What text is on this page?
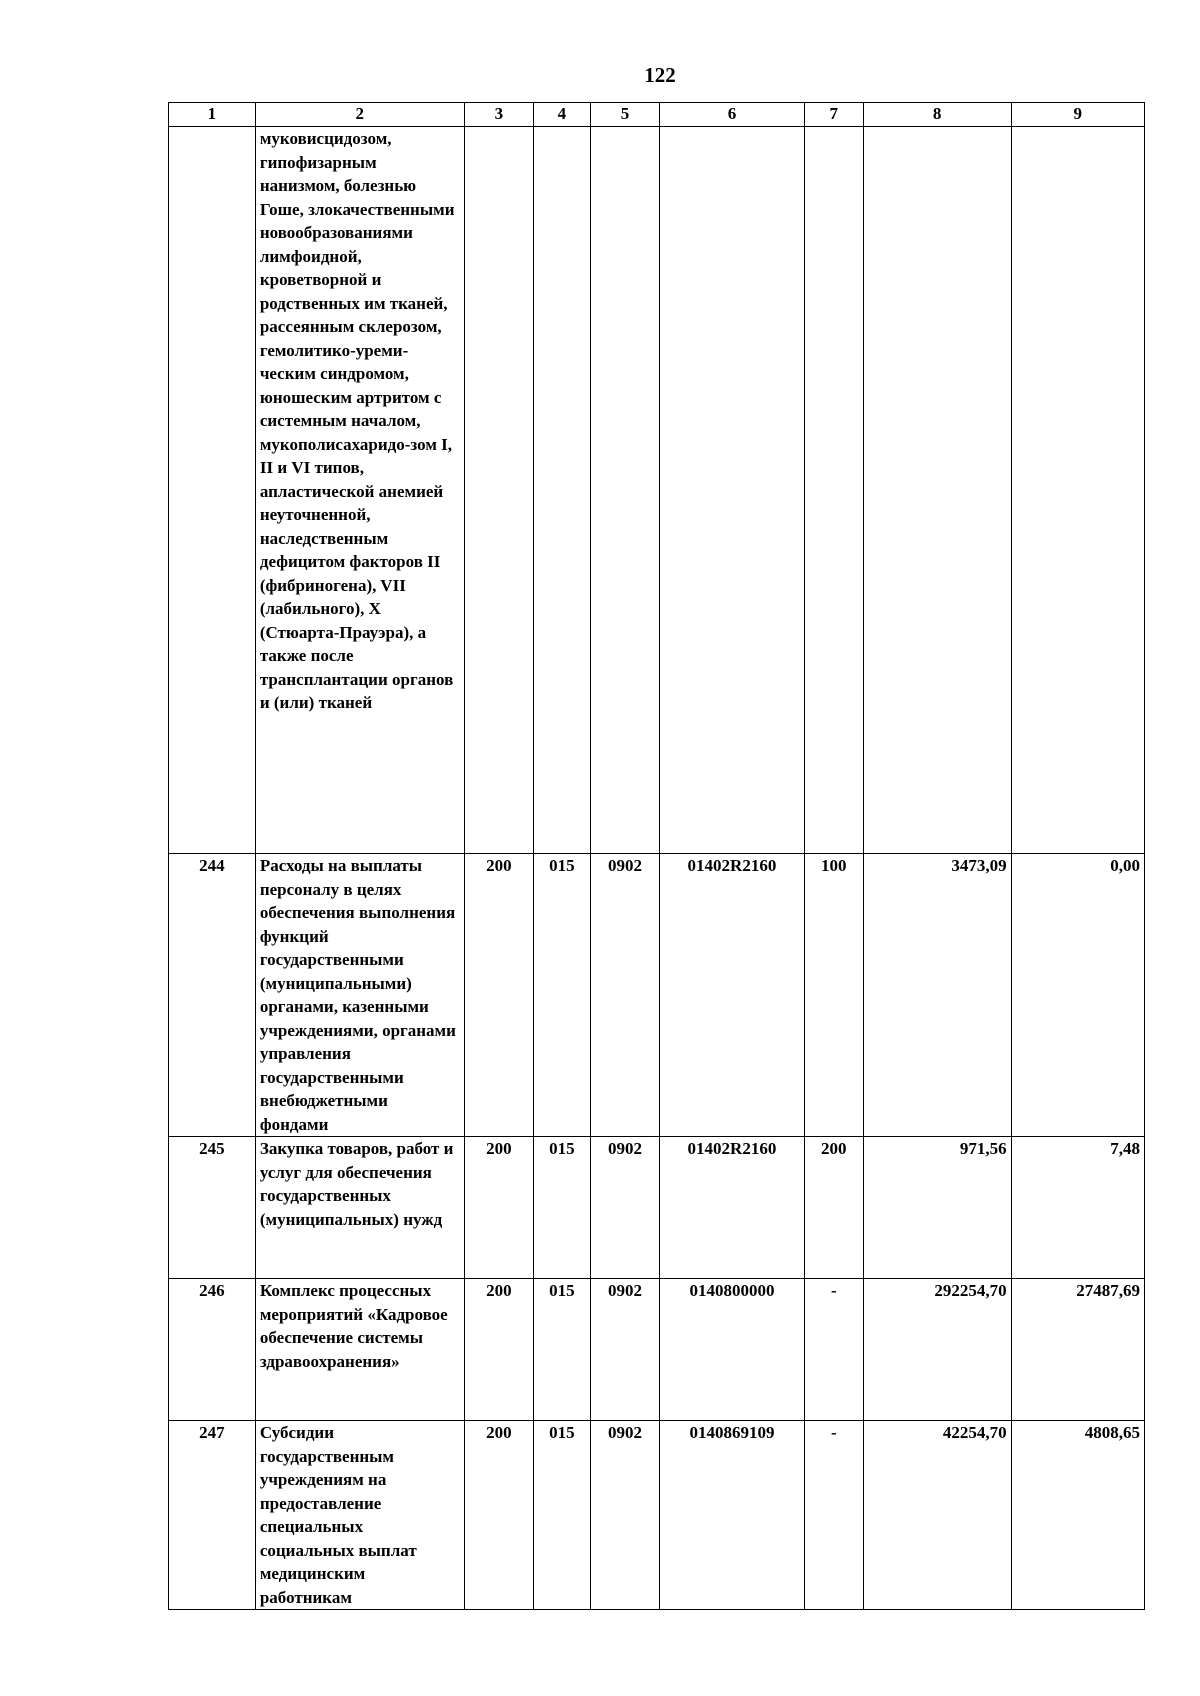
122
1	2	3	4	5	6	7	8	9
	муковисцидозом, гипофизарным нанизмом, болезнью Гоше, злокачественными новообразованиями лимфоидной, кроветворной и родственных им тканей, рассеянным склерозом, гемолитико-уреми-ческим синдромом, юношеским артритом с системным началом, мукополисахаридо-зом I, II и VI типов, апластической анемией неуточненной, наследственным дефицитом факторов II (фибриногена), VII (лабильного), X (Стюарта-Прауэра), а также после трансплантации органов и (или) тканей							
244	Расходы на выплаты персоналу в целях обеспечения выполнения функций государственными (муниципальными) органами, казенными учреждениями, органами управления государственными внебюджетными фондами	200	015	0902	01402R2160	100	3473,09	0,00
245	Закупка товаров, работ и услуг для обеспечения государственных (муниципальных) нужд	200	015	0902	01402R2160	200	971,56	7,48
246	Комплекс процессных мероприятий «Кадровое обеспечение системы здравоохранения»	200	015	0902	0140800000	-	292254,70	27487,69
247	Субсидии государственным учреждениям на предоставление специальных социальных выплат медицинским работникам	200	015	0902	0140869109	-	42254,70	4808,65
